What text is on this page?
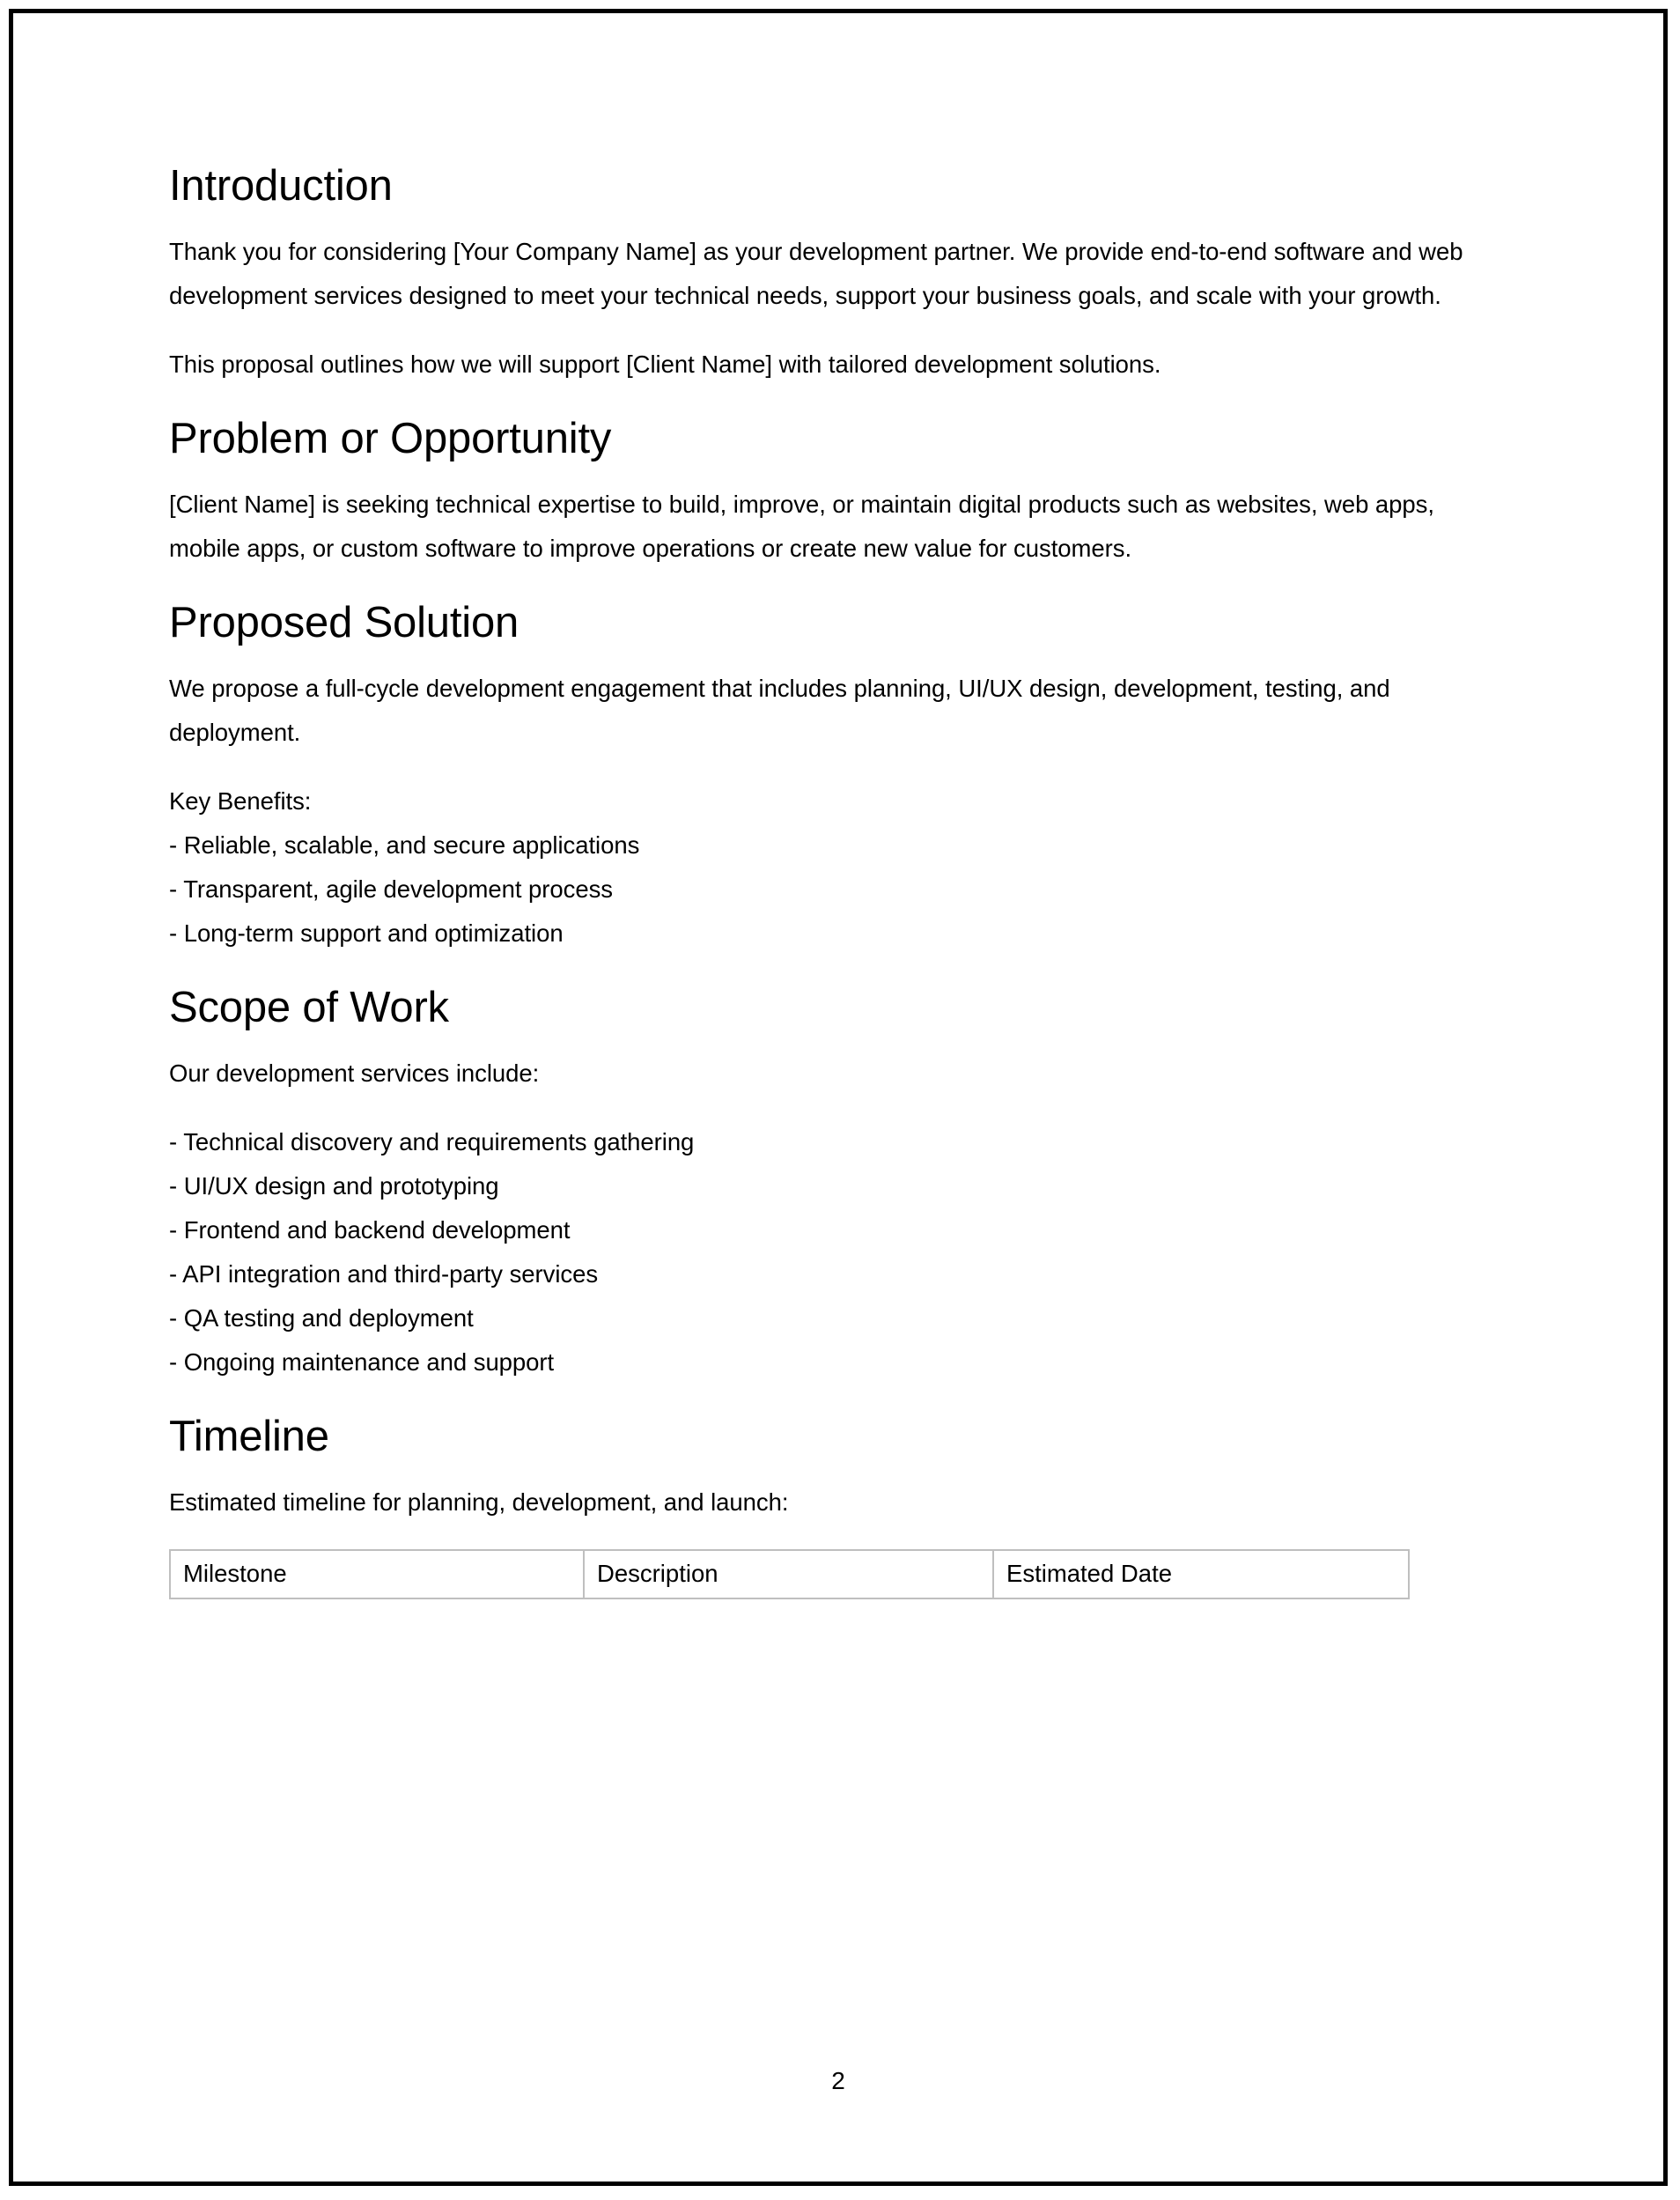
Introduction

Thank you for considering [Your Company Name] as your development partner. We provide end-to-end software and web development services designed to meet your technical needs, support your business goals, and scale with your growth.

This proposal outlines how we will support [Client Name] with tailored development solutions.

Problem or Opportunity

[Client Name] is seeking technical expertise to build, improve, or maintain digital products such as websites, web apps, mobile apps, or custom software to improve operations or create new value for customers.

Proposed Solution

We propose a full-cycle development engagement that includes planning, UI/UX design, development, testing, and deployment.

Key Benefits:
- Reliable, scalable, and secure applications
- Transparent, agile development process
- Long-term support and optimization
Scope of Work

Our development services include:

- Technical discovery and requirements gathering
- UI/UX design and prototyping
- Frontend and backend development
- API integration and third-party services
- QA testing and deployment
- Ongoing maintenance and support
Timeline

Estimated timeline for planning, development, and launch:

Milestone	Description	Estimated Date
2
